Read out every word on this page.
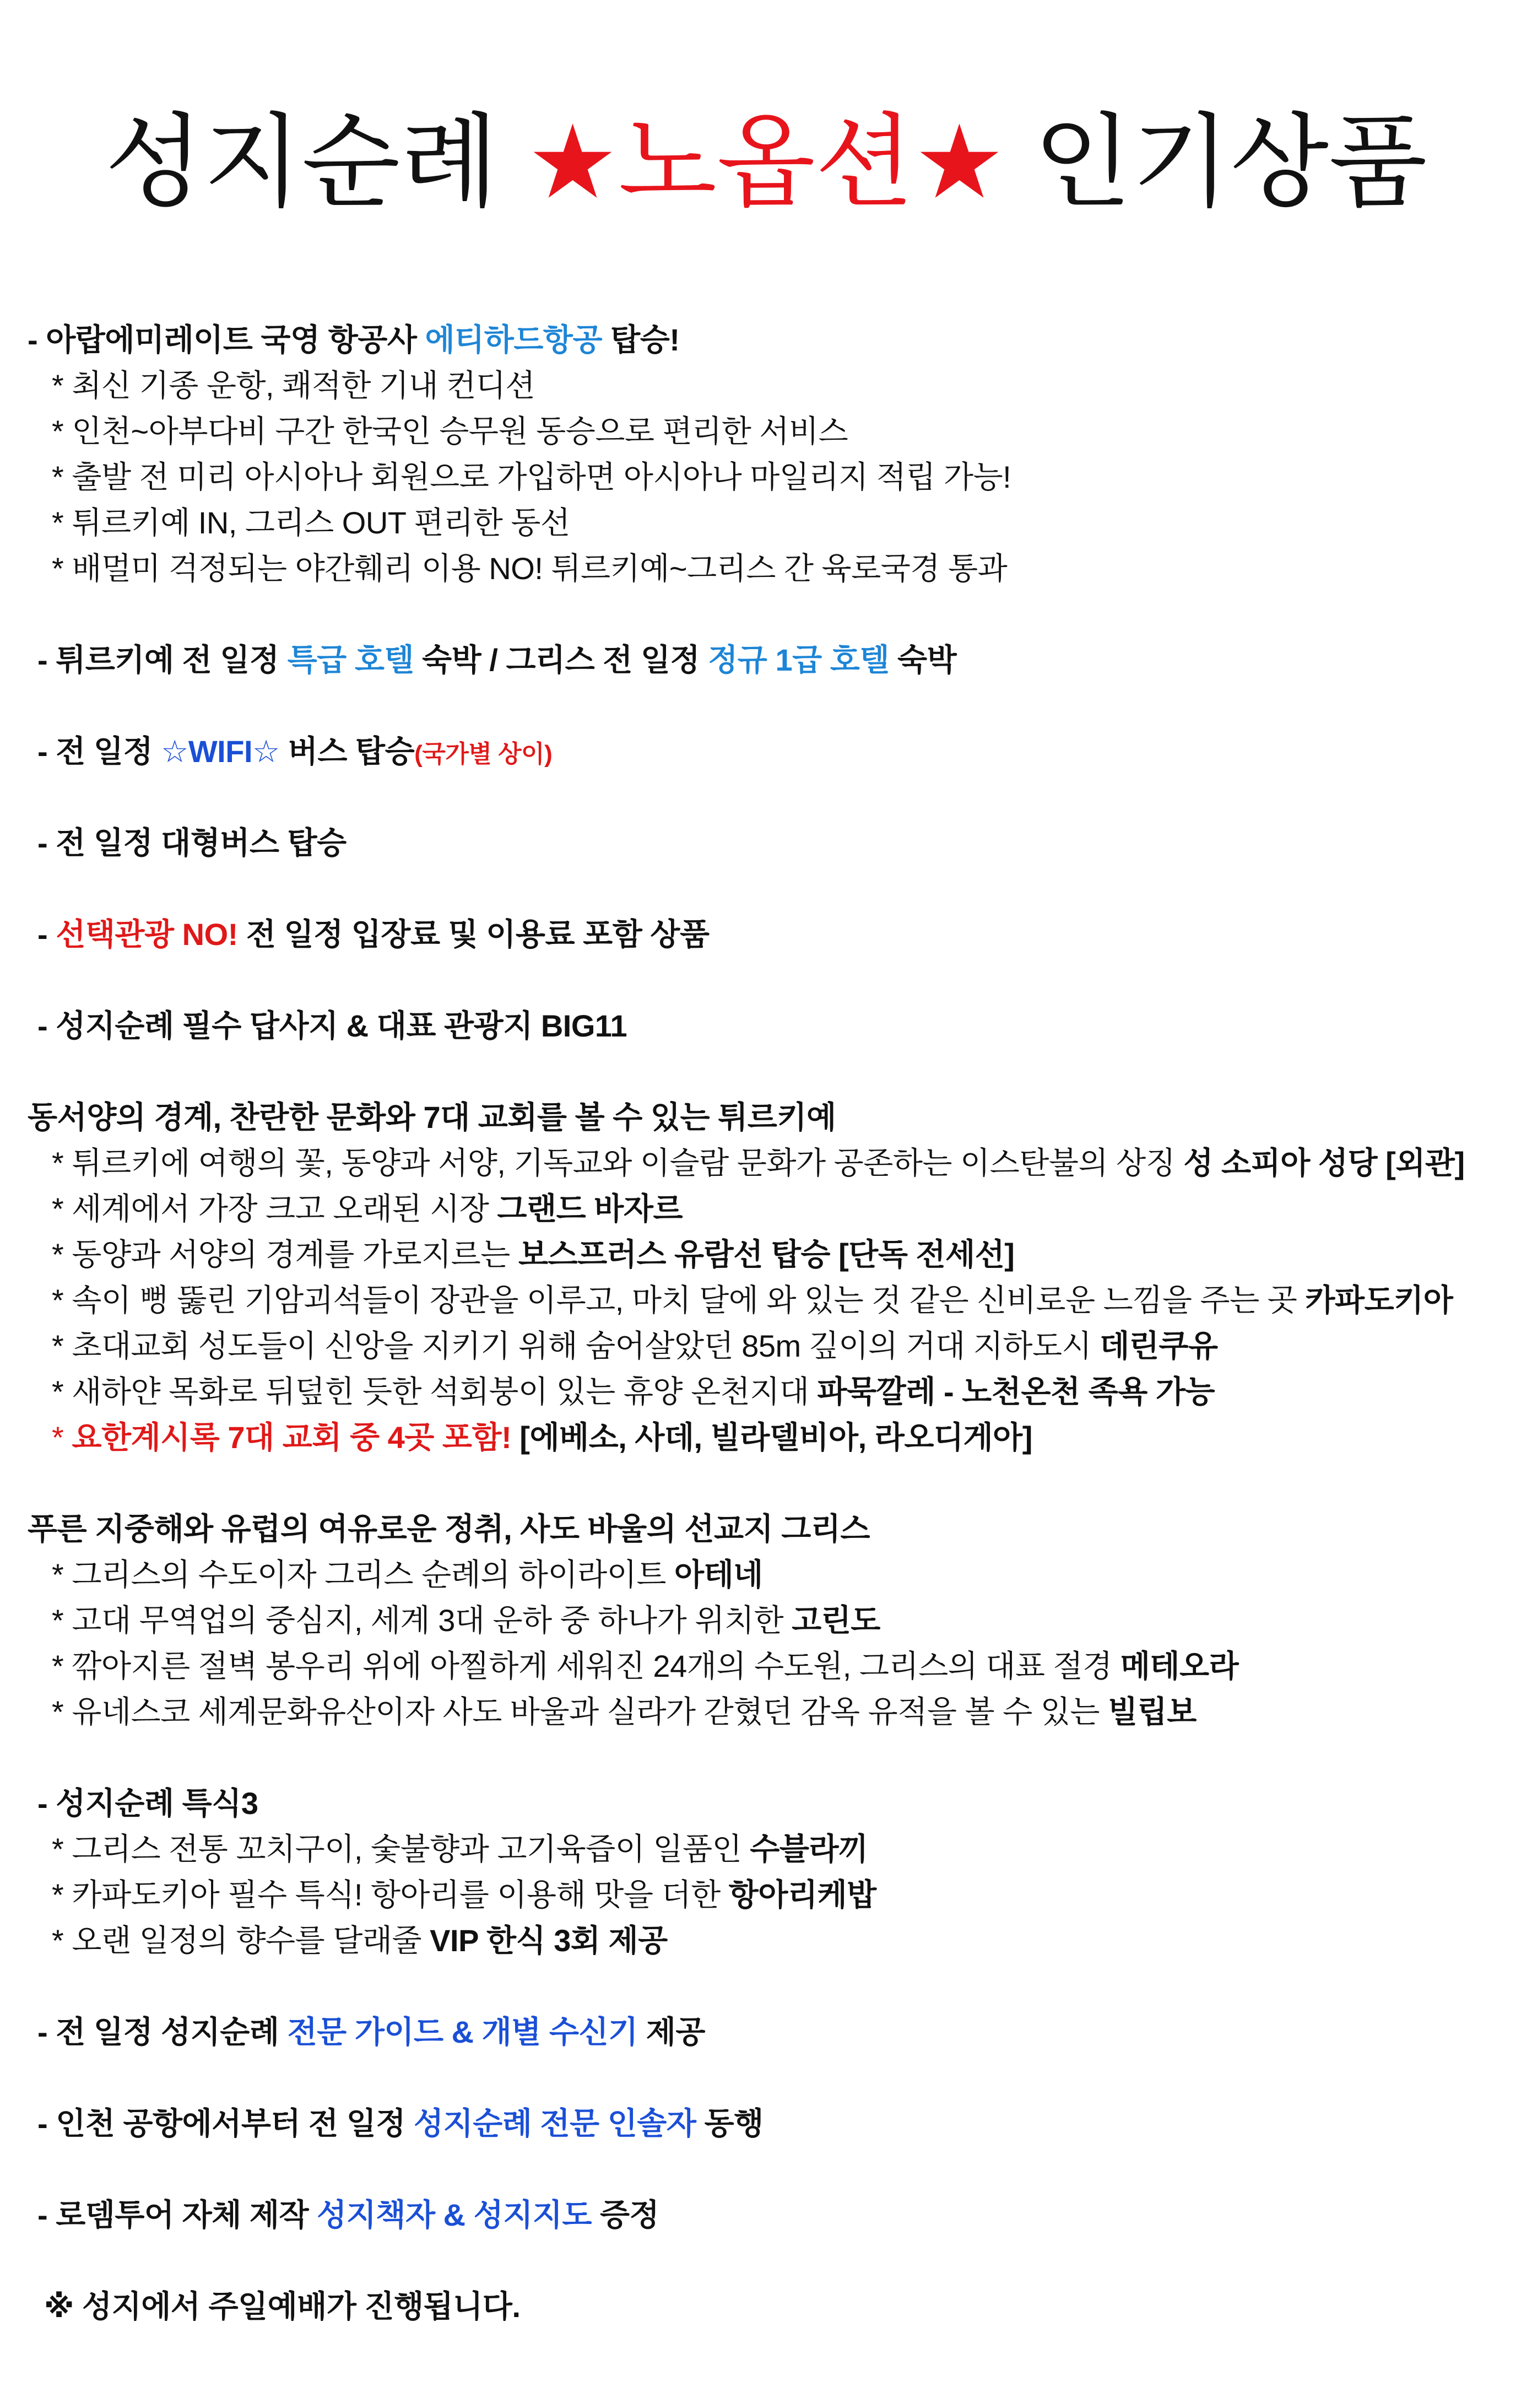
성지순례 ★노옵션★ 인기상품
- 아랍에미레이트 국영 항공사 에티하드항공 탑승!
* 최신 기종 운항, 쾌적한 기내 컨디션
* 인천~아부다비 구간 한국인 승무원 동승으로 편리한 서비스
* 출발 전 미리 아시아나 회원으로 가입하면 아시아나 마일리지 적립 가능!
* 튀르키예 IN, 그리스 OUT 편리한 동선
* 배멀미 걱정되는 야간훼리 이용 NO! 튀르키예~그리스 간 육로국경 통과
- 튀르키예 전 일정 특급 호텔 숙박 / 그리스 전 일정 정규 1급 호텔 숙박
- 전 일정 ☆WIFI☆ 버스 탑승(국가별 상이)
- 전 일정 대형버스 탑승
- 선택관광 NO! 전 일정 입장료 및 이용료 포함 상품
- 성지순례 필수 답사지 & 대표 관광지 BIG11
동서양의 경계, 찬란한 문화와 7대 교회를 볼 수 있는 튀르키예
* 튀르키에 여행의 꽃, 동양과 서양, 기독교와 이슬람 문화가 공존하는 이스탄불의 상징 성 소피아 성당 [외관]
* 세계에서 가장 크고 오래된 시장 그랜드 바자르
* 동양과 서양의 경계를 가로지르는 보스프러스 유람선 탑승 [단독 전세선]
* 속이 뻥 뚫린 기암괴석들이 장관을 이루고, 마치 달에 와 있는 것 같은 신비로운 느낌을 주는 곳 카파도키아
* 초대교회 성도들이 신앙을 지키기 위해 숨어살았던 85m 깊이의 거대 지하도시 데린쿠유
* 새하얀 목화로 뒤덮힌 듯한 석회붕이 있는 휴양 온천지대 파묵깔레 - 노천온천 족욕 가능
* 요한계시록 7대 교회 중 4곳 포함! [에베소, 사데, 빌라델비아, 라오디게아]
푸른 지중해와 유럽의 여유로운 정취, 사도 바울의 선교지 그리스
* 그리스의 수도이자 그리스 순례의 하이라이트 아테네
* 고대 무역업의 중심지, 세계 3대 운하 중 하나가 위치한 고린도
* 깎아지른 절벽 봉우리 위에 아찔하게 세워진 24개의 수도원, 그리스의 대표 절경 메테오라
* 유네스코 세계문화유산이자 사도 바울과 실라가 갇혔던 감옥 유적을 볼 수 있는 빌립보
- 성지순례 특식3
* 그리스 전통 꼬치구이, 숯불향과 고기육즙이 일품인 수블라끼
* 카파도키아 필수 특식! 항아리를 이용해 맛을 더한 항아리케밥
* 오랜 일정의 향수를 달래줄 VIP 한식 3회 제공
- 전 일정 성지순례 전문 가이드 & 개별 수신기 제공
- 인천 공항에서부터 전 일정 성지순례 전문 인솔자 동행
- 로뎀투어 자체 제작 성지책자 & 성지지도 증정
※ 성지에서 주일예배가 진행됩니다.
